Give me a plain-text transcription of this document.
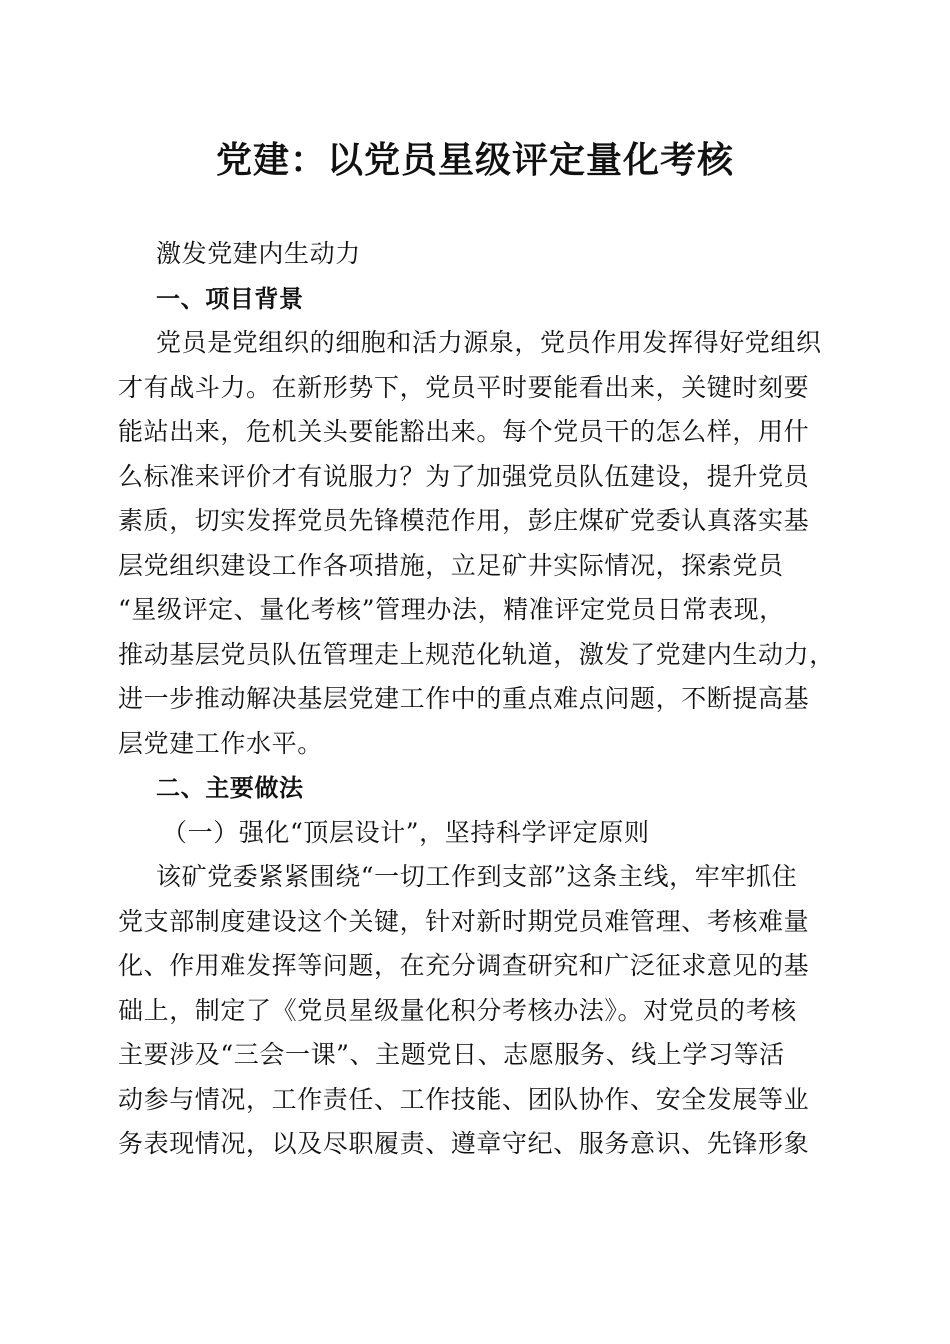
党建：以党员星级评定量化考核
激发党建内生动力
一、项目背景
党员是党组织的细胞和活力源泉，党员作用发挥得好党组织
才有战斗力。在新形势下，党员平时要能看出来，关键时刻要
能站出来，危机关头要能豁出来。每个党员干的怎么样，用什
么标准来评价才有说服力？为了加强党员队伍建设，提升党员
素质，切实发挥党员先锋模范作用，彭庄煤矿党委认真落实基
层党组织建设工作各项措施，立足矿井实际情况，探索党员
“星级评定、量化考核”管理办法，精准评定党员日常表现，
推动基层党员队伍管理走上规范化轨道，激发了党建内生动力，
进一步推动解决基层党建工作中的重点难点问题，不断提高基
层党建工作水平。
二、主要做法
（一）强化“顶层设计”，坚持科学评定原则
该矿党委紧紧围绕“一切工作到支部”这条主线，牢牢抓住
党支部制度建设这个关键，针对新时期党员难管理、考核难量
化、作用难发挥等问题，在充分调查研究和广泛征求意见的基
础上，制定了《党员星级量化积分考核办法》。对党员的考核
主要涉及“三会一课”、主题党日、志愿服务、线上学习等活
动参与情况，工作责任、工作技能、团队协作、安全发展等业
务表现情况，以及尽职履责、遵章守纪、服务意识、先锋形象
